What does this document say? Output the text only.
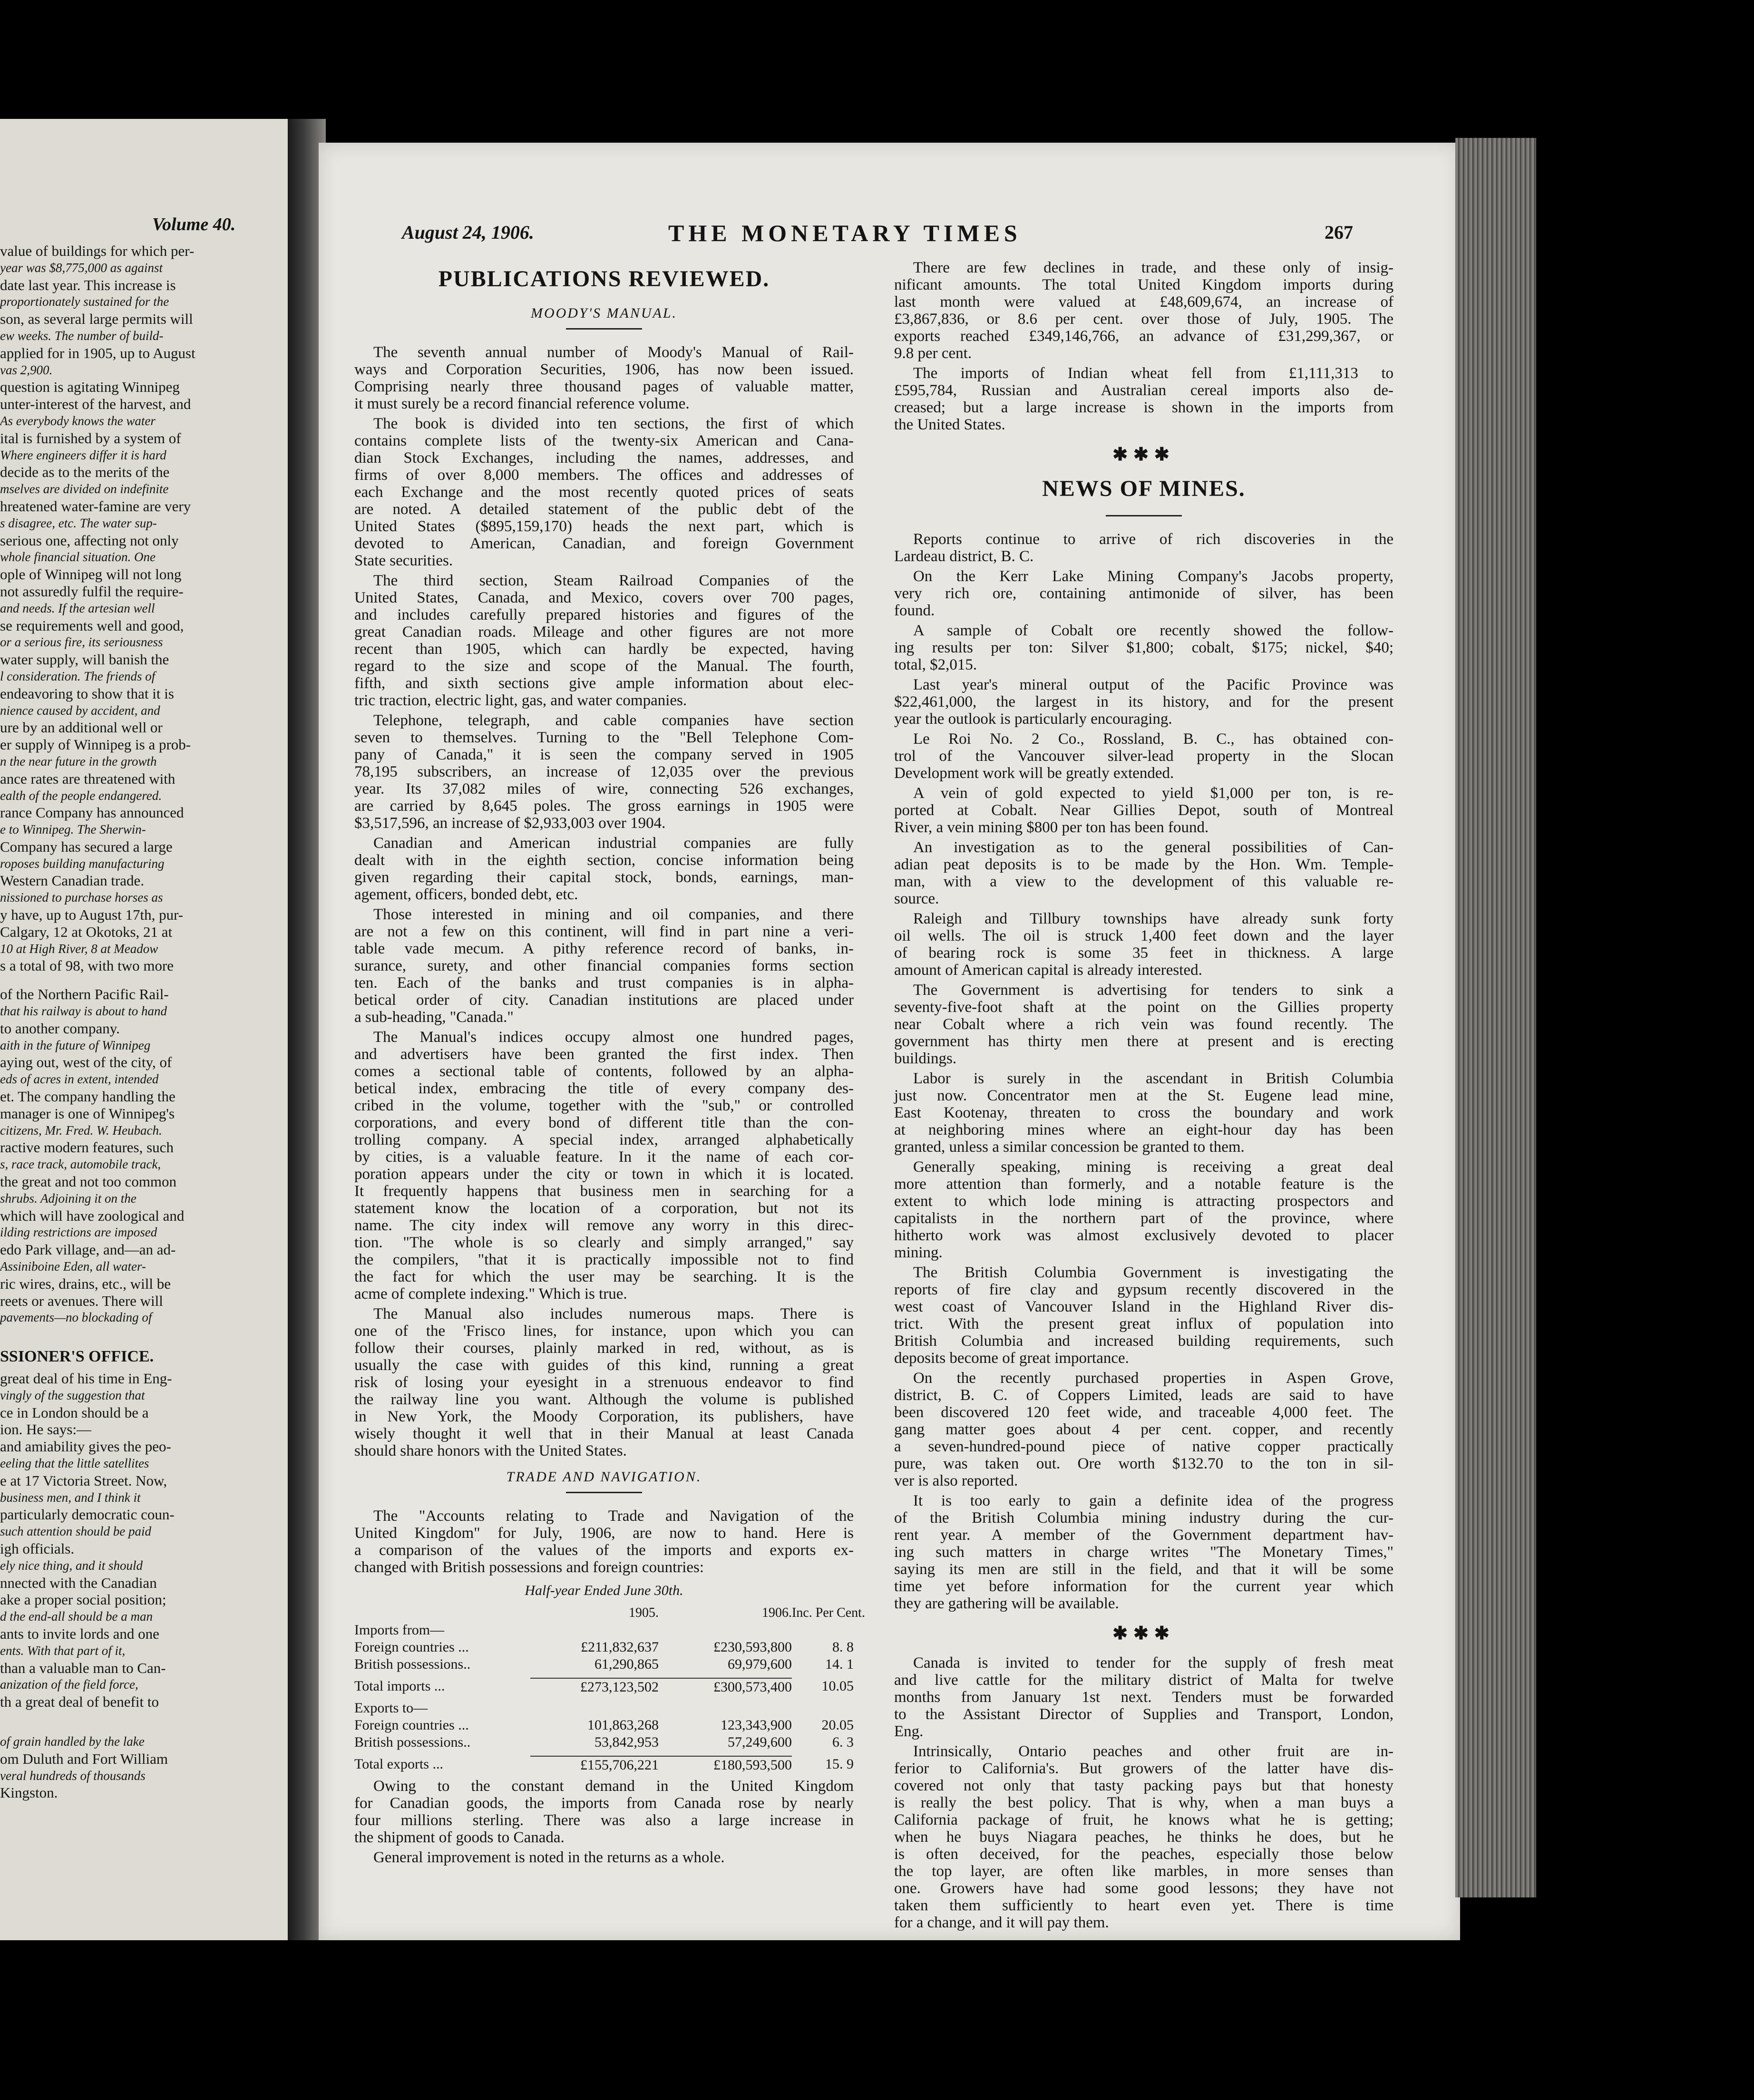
Volume 40.
value of buildings for which per-
year was $8,775,000 as against
date last year. This increase is
proportionately sustained for the
son, as several large permits will
ew weeks. The number of build-
applied for in 1905, up to August
vas 2,900.
question is agitating Winnipeg
unter-interest of the harvest, and
As everybody knows the water
ital is furnished by a system of
Where engineers differ it is hard
decide as to the merits of the
mselves are divided on indefinite
hreatened water-famine are very
s disagree, etc. The water sup-
serious one, affecting not only
whole financial situation. One
ople of Winnipeg will not long
not assuredly fulfil the require-
and needs. If the artesian well
se requirements well and good,
or a serious fire, its seriousness
water supply, will banish the
l consideration. The friends of
endeavoring to show that it is
nience caused by accident, and
ure by an additional well or
er supply of Winnipeg is a prob-
n the near future in the growth
ance rates are threatened with
ealth of the people endangered.
rance Company has announced
e to Winnipeg. The Sherwin-
Company has secured a large
roposes building manufacturing
Western Canadian trade.
nissioned to purchase horses as
y have, up to August 17th, pur-
Calgary, 12 at Okotoks, 21 at
10 at High River, 8 at Meadow
s a total of 98, with two more
of the Northern Pacific Rail-
that his railway is about to hand
to another company.
aith in the future of Winnipeg
aying out, west of the city, of
eds of acres in extent, intended
et. The company handling the
manager is one of Winnipeg's
citizens, Mr. Fred. W. Heubach.
ractive modern features, such
s, race track, automobile track,
the great and not too common
shrubs. Adjoining it on the
which will have zoological and
ilding restrictions are imposed
edo Park village, and—an ad-
Assiniboine Eden, all water-
ric wires, drains, etc., will be
reets or avenues. There will
pavements—no blockading of
SSIONER'S OFFICE.
great deal of his time in Eng-
vingly of the suggestion that
ce in London should be a
ion. He says:—
and amiability gives the peo-
eeling that the little satellites
e at 17 Victoria Street. Now,
business men, and I think it
particularly democratic coun-
such attention should be paid
igh officials.
ely nice thing, and it should
nnected with the Canadian
ake a proper social position;
d the end-all should be a man
ants to invite lords and one
ents. With that part of it,
than a valuable man to Can-
anization of the field force,
th a great deal of benefit to
of grain handled by the lake
om Duluth and Fort William
veral hundreds of thousands
Kingston.
August 24, 1906.	THE MONETARY TIMES	267
PUBLICATIONS REVIEWED.
MOODY'S MANUAL.
The seventh annual number of Moody's Manual of Rail-
ways and Corporation Securities, 1906, has now been issued.
Comprising nearly three thousand pages of valuable matter,
it must surely be a record financial reference volume.
The book is divided into ten sections, the first of which
contains complete lists of the twenty-six American and Cana-
dian Stock Exchanges, including the names, addresses, and
firms of over 8,000 members. The offices and addresses of
each Exchange and the most recently quoted prices of seats
are noted. A detailed statement of the public debt of the
United States ($895,159,170) heads the next part, which is
devoted to American, Canadian, and foreign Government
State securities.
The third section, Steam Railroad Companies of the
United States, Canada, and Mexico, covers over 700 pages,
and includes carefully prepared histories and figures of the
great Canadian roads. Mileage and other figures are not more
recent than 1905, which can hardly be expected, having
regard to the size and scope of the Manual. The fourth,
fifth, and sixth sections give ample information about elec-
tric traction, electric light, gas, and water companies.
Telephone, telegraph, and cable companies have section
seven to themselves. Turning to the "Bell Telephone Com-
pany of Canada," it is seen the company served in 1905
78,195 subscribers, an increase of 12,035 over the previous
year. Its 37,082 miles of wire, connecting 526 exchanges,
are carried by 8,645 poles. The gross earnings in 1905 were
$3,517,596, an increase of $2,933,003 over 1904.
Canadian and American industrial companies are fully
dealt with in the eighth section, concise information being
given regarding their capital stock, bonds, earnings, man-
agement, officers, bonded debt, etc.
Those interested in mining and oil companies, and there
are not a few on this continent, will find in part nine a veri-
table vade mecum. A pithy reference record of banks, in-
surance, surety, and other financial companies forms section
ten. Each of the banks and trust companies is in alpha-
betical order of city. Canadian institutions are placed under
a sub-heading, "Canada."
The Manual's indices occupy almost one hundred pages,
and advertisers have been granted the first index. Then
comes a sectional table of contents, followed by an alpha-
betical index, embracing the title of every company des-
cribed in the volume, together with the "sub," or controlled
corporations, and every bond of different title than the con-
trolling company. A special index, arranged alphabetically
by cities, is a valuable feature. In it the name of each cor-
poration appears under the city or town in which it is located.
It frequently happens that business men in searching for a
statement know the location of a corporation, but not its
name. The city index will remove any worry in this direc-
tion. "The whole is so clearly and simply arranged," say
the compilers, "that it is practically impossible not to find
the fact for which the user may be searching. It is the
acme of complete indexing." Which is true.
The Manual also includes numerous maps. There is
one of the 'Frisco lines, for instance, upon which you can
follow their courses, plainly marked in red, without, as is
usually the case with guides of this kind, running a great
risk of losing your eyesight in a strenuous endeavor to find
the railway line you want. Although the volume is published
in New York, the Moody Corporation, its publishers, have
wisely thought it well that in their Manual at least Canada
should share honors with the United States.
TRADE AND NAVIGATION.
The "Accounts relating to Trade and Navigation of the
United Kingdom" for July, 1906, are now to hand. Here is
a comparison of the values of the imports and exports ex-
changed with British possessions and foreign countries:
Half-year Ended June 30th.
1905.	1906. Inc. Per Cent.
Imports from—
Foreign countries ...	£211,832,637	£230,593,800	8. 8
British possessions..	61,290,865	69,979,600	14. 1
Total imports ...	£273,123,502	£300,573,400	10.05
Exports to—
Foreign countries ...	101,863,268	123,343,900	20.05
British possessions..	53,842,953	57,249,600	6. 3
Total exports ...	£155,706,221	£180,593,500	15. 9
Owing to the constant demand in the United Kingdom
for Canadian goods, the imports from Canada rose by nearly
four millions sterling. There was also a large increase in
the shipment of goods to Canada.
General improvement is noted in the returns as a whole.
There are few declines in trade, and these only of insig-
nificant amounts. The total United Kingdom imports during
last month were valued at £48,609,674, an increase of
£3,867,836, or 8.6 per cent. over those of July, 1905. The
exports reached £349,146,766, an advance of £31,299,367, or
9.8 per cent.
The imports of Indian wheat fell from £1,111,313 to
£595,784, Russian and Australian cereal imports also de-
creased; but a large increase is shown in the imports from
the United States.
✱✱✱
NEWS OF MINES.
Reports continue to arrive of rich discoveries in the
Lardeau district, B. C.
On the Kerr Lake Mining Company's Jacobs property,
very rich ore, containing antimonide of silver, has been
found.
A sample of Cobalt ore recently showed the follow-
ing results per ton: Silver $1,800; cobalt, $175; nickel, $40;
total, $2,015.
Last year's mineral output of the Pacific Province was
$22,461,000, the largest in its history, and for the present
year the outlook is particularly encouraging.
Le Roi No. 2 Co., Rossland, B. C., has obtained con-
trol of the Vancouver silver-lead property in the Slocan
Development work will be greatly extended.
A vein of gold expected to yield $1,000 per ton, is re-
ported at Cobalt. Near Gillies Depot, south of Montreal
River, a vein mining $800 per ton has been found.
An investigation as to the general possibilities of Can-
adian peat deposits is to be made by the Hon. Wm. Temple-
man, with a view to the development of this valuable re-
source.
Raleigh and Tillbury townships have already sunk forty
oil wells. The oil is struck 1,400 feet down and the layer
of bearing rock is some 35 feet in thickness. A large
amount of American capital is already interested.
The Government is advertising for tenders to sink a
seventy-five-foot shaft at the point on the Gillies property
near Cobalt where a rich vein was found recently. The
government has thirty men there at present and is erecting
buildings.
Labor is surely in the ascendant in British Columbia
just now. Concentrator men at the St. Eugene lead mine,
East Kootenay, threaten to cross the boundary and work
at neighboring mines where an eight-hour day has been
granted, unless a similar concession be granted to them.
Generally speaking, mining is receiving a great deal
more attention than formerly, and a notable feature is the
extent to which lode mining is attracting prospectors and
capitalists in the northern part of the province, where
hitherto work was almost exclusively devoted to placer
mining.
The British Columbia Government is investigating the
reports of fire clay and gypsum recently discovered in the
west coast of Vancouver Island in the Highland River dis-
trict. With the present great influx of population into
British Columbia and increased building requirements, such
deposits become of great importance.
On the recently purchased properties in Aspen Grove,
district, B. C. of Coppers Limited, leads are said to have
been discovered 120 feet wide, and traceable 4,000 feet. The
gang matter goes about 4 per cent. copper, and recently
a seven-hundred-pound piece of native copper practically
pure, was taken out. Ore worth $132.70 to the ton in sil-
ver is also reported.
It is too early to gain a definite idea of the progress
of the British Columbia mining industry during the cur-
rent year. A member of the Government department hav-
ing such matters in charge writes "The Monetary Times,"
saying its men are still in the field, and that it will be some
time yet before information for the current year which
they are gathering will be available.
✱✱✱
Canada is invited to tender for the supply of fresh meat
and live cattle for the military district of Malta for twelve
months from January 1st next. Tenders must be forwarded
to the Assistant Director of Supplies and Transport, London,
Eng.
Intrinsically, Ontario peaches and other fruit are in-
ferior to California's. But growers of the latter have dis-
covered not only that tasty packing pays but that honesty
is really the best policy. That is why, when a man buys a
California package of fruit, he knows what he is getting;
when he buys Niagara peaches, he thinks he does, but he
is often deceived, for the peaches, especially those below
the top layer, are often like marbles, in more senses than
one. Growers have had some good lessons; they have not
taken them sufficiently to heart even yet. There is time
for a change, and it will pay them.
